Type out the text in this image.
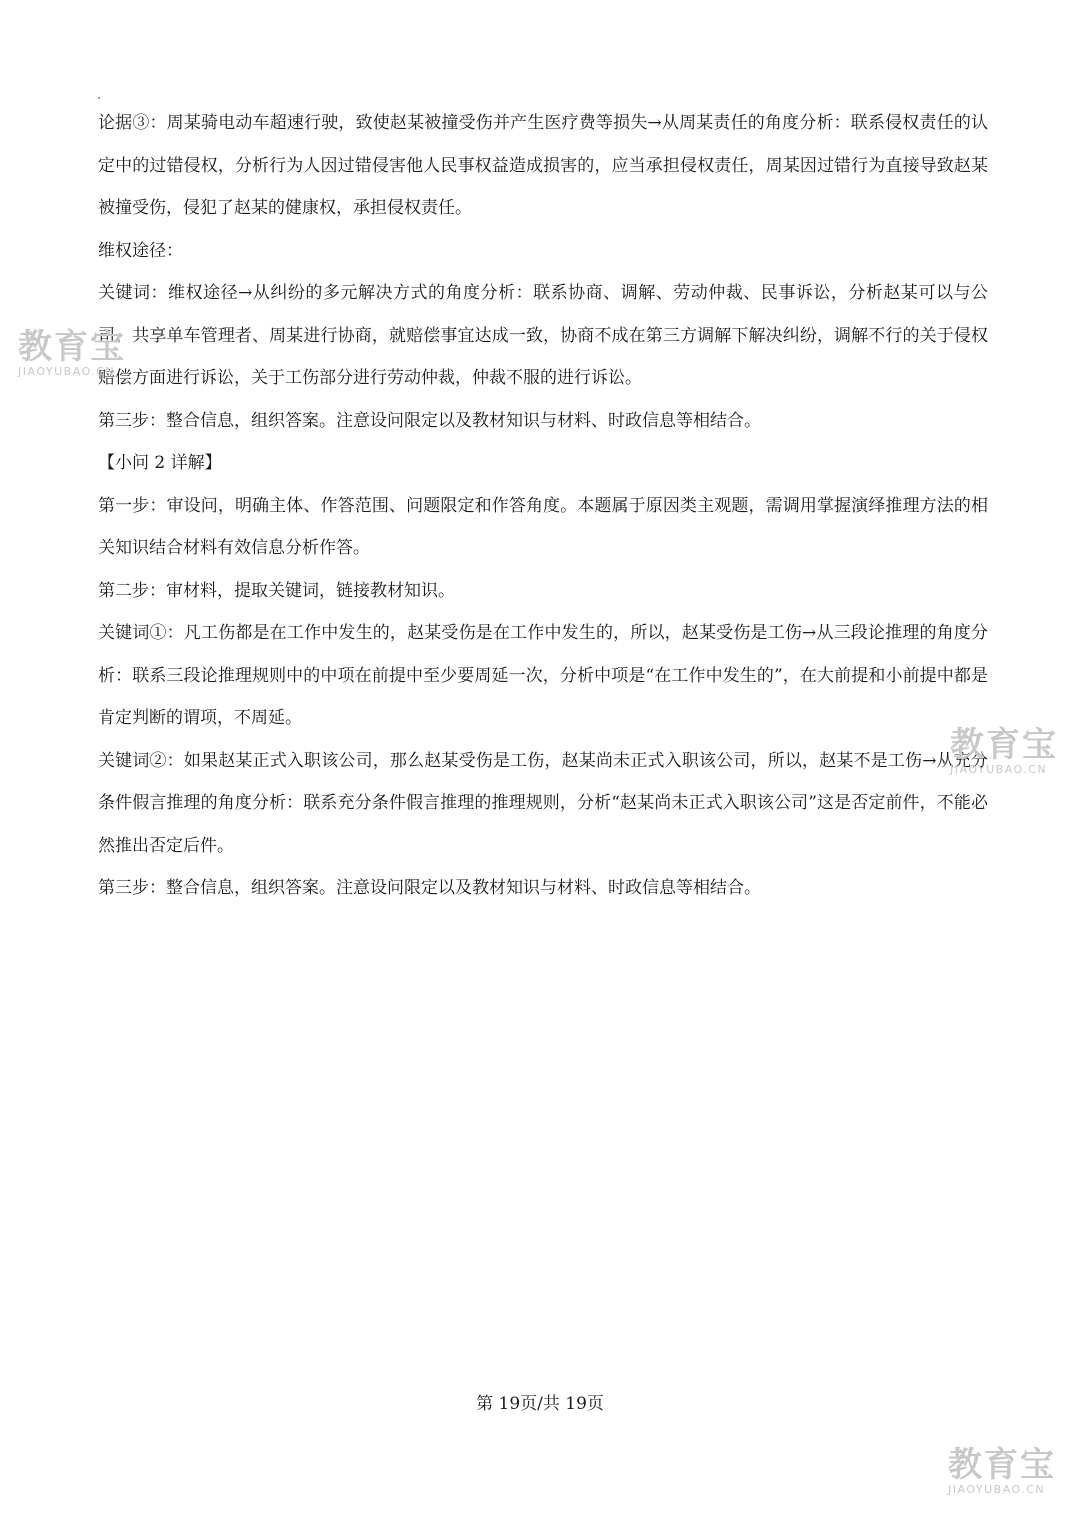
论据③：周某骑电动车超速行驶，致使赵某被撞受伤并产生医疗费等损失→从周某责任的角度分析：联系侵权责任的认定中的过错侵权，分析行为人因过错侵害他人民事权益造成损害的，应当承担侵权责任，周某因过错行为直接导致赵某被撞受伤，侵犯了赵某的健康权，承担侵权责任。

维权途径：

关键词：维权途径→从纠纷的多元解决方式的角度分析：联系协商、调解、劳动仲裁、民事诉讼，分析赵某可以与公司、共享单车管理者、周某进行协商，就赔偿事宜达成一致，协商不成在第三方调解下解决纠纷，调解不行的关于侵权赔偿方面进行诉讼，关于工伤部分进行劳动仲裁，仲裁不服的进行诉讼。

第三步：整合信息，组织答案。注意设问限定以及教材知识与材料、时政信息等相结合。

【小问 2 详解】

第一步：审设问，明确主体、作答范围、问题限定和作答角度。本题属于原因类主观题，需调用掌握演绎推理方法的相关知识结合材料有效信息分析作答。

第二步：审材料，提取关键词，链接教材知识。

关键词①：凡工伤都是在工作中发生的，赵某受伤是在工作中发生的，所以，赵某受伤是工伤→从三段论推理的角度分析：联系三段论推理规则中的中项在前提中至少要周延一次，分析中项是“在工作中发生的”，在大前提和小前提中都是肯定判断的谓项，不周延。

关键词②：如果赵某正式入职该公司，那么赵某受伤是工伤，赵某尚未正式入职该公司，所以，赵某不是工伤→从充分条件假言推理的角度分析：联系充分条件假言推理的推理规则，分析“赵某尚未正式入职该公司”这是否定前件，不能必然推出否定后件。

第三步：整合信息，组织答案。注意设问限定以及教材知识与材料、时政信息等相结合。

第 19页/共 19页
教育宝
JIAOYUBAO.CN
教育宝
JIAOYUBAO.CN
教育宝
JIAOYUBAO.CN
